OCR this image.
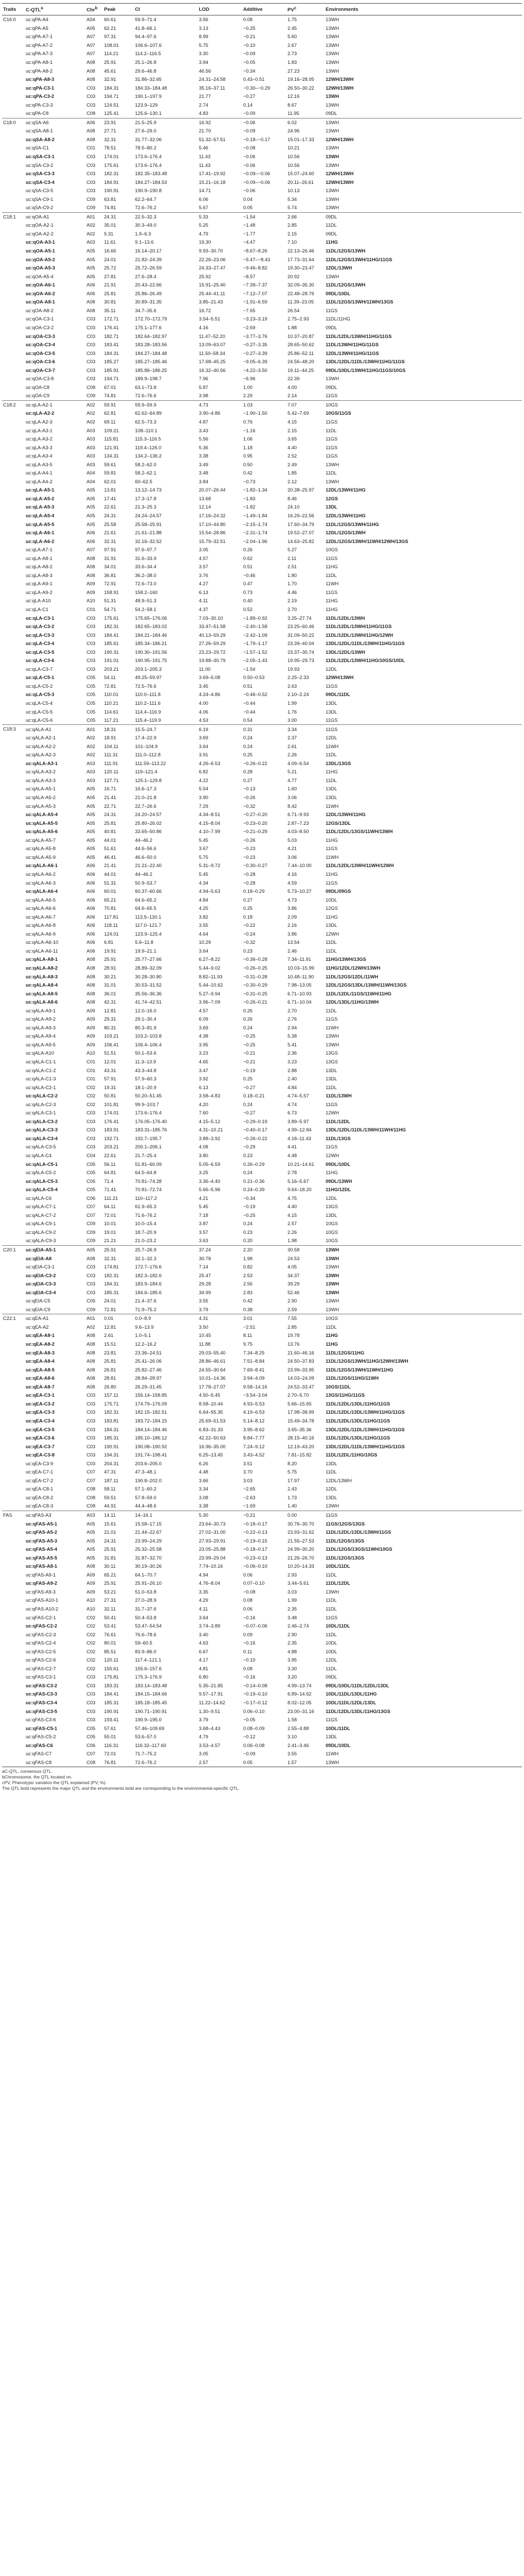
Traits	C-QTL$^a$	Chr$^b$	Peak	CI	LOD	Additive	$PV^c$	Environments
C16:0	uc:qPA-A4	A04	60.61	59.9–71.4	3.56	0.08	1.75	13WH
	uc:qPA-A5	A05	62.21	41.8–66.1	3.13	−0.25	2.45	13WH
	uc:qPA-A7-1	A07	97.31	94.4–97.6	8.99	−0.21	5.60	13WH
	uc:qPA-A7-2	A07	108.01	106.6–107.6	5.75	−0.10	2.67	13WH
	uc:qPA-A7-3	A07	114.21	114.2–116.5	3.30	−0.09	2.73	13WH
	uc:qPA-A8-1	A08	25.91	25.1–26.8	3.94	−0.05	1.83	13WH
	uc:qPA-A8-2	A08	45.61	29.6–46.8	46.56	−0.34	27.23	13WH
	uc:qPA-A8-3	A08	32.91	31.86–32.65	24.31–24.58	0.43–0.51	19.16–28.05	12WH/13WH
	uc:qPA-C3-1	C03	184.31	184.33–184.48	35.16–37.11	−0.30–−0.29	26.50–30.22	12WH/13WH
	uc:qPA-C3-2	C03	194.71	190.1–197.9	21.77	−0.27	12.16	13WH
	uc:qPA-C3-3	C03	124.51	123.9–129	2.74	0.14	8.67	13WH
	uc:qPA-C8	C08	125.41	125.6–130.1	4.83	−0.09	11.95	09DL
C18:0	uc:qSA-A6	A06	23.91	21.5–25.9	16.92	−0.06	6.02	13WH
	uc:qSA-A8-1	A08	27.71	27.6–29.0	21.70	−0.09	24.96	13WH
	uc:qSA-A8-2	A08	32.31	31.77–32.06	51.32–57.51	−0.18–−0.17	15.01–17.33	12WH/13WH
	uc:qSA-C1	C01	78.51	78.5–80.2	5.46	−0.08	10.21	13WH
	uc:qSA-C3-1	C03	174.01	173.6–176.4	11.43	−0.06	10.56	13WH
	uc:qSA-C3-2	C03	175.61	173.6–176.4	11.43	−0.06	10.56	13WH
	uc:qSA-C3-3	C03	182.31	182.35–183.48	17.41–19.92	−0.09–−0.06	15.07–24.60	12WH/13WH
	uc:qSA-C3-4	C03	184.91	184.27–184.53	15.21–16.18	−0.09–−0.06	20.11–26.61	12WH/13WH
	uc:qSA-C3-5	C03	190.91	190.9–190.8	14.71	−0.06	10.13	13WH
	uc:qSA-C9-1	C09	63.81	62.2–64.7	6.06	0.04	5.34	13WH
	uc:qSA-C9-2	C09	74.81	72.6–76.2	5.67	0.05	5.74	13WH
C18:1	uc:qOA-A1	A01	24.31	22.5–32.3	5.33	−1.54	2.66	09DL
	uc:qOA-A2-1	A02	35.01	30.3–49.0	5.25	−1.48	2.85	11DL
	uc:qOA-A2-2	A02	5.31	1.9–6.3	4.79	−1.77	2.15	09DL
	uc:qOA-A3-1	A03	11.61	9.1–13.6	19.30	−4.47	7.10	11HG
	uc:qOA-A5-1	A05	16.66	16.14–20.17	9.93–30.70	−8.67–8.26	22.13–26.46	11DL/12GS/13WH
	uc:qOA-A5-2	A05	24.01	21.82–24.39	22.26–23.06	−5.47–−8.43	17.73–31.64	11DL/12GS/13WH/11HG/11GS
	uc:qOA-A5-3	A05	25.72	25.72–26.59	24.33–27.47	−9.46–8.82	19.30–23.47	12DL/13WH
	uc:qOA-A5-4	A05	27.81	27.6–28.4	25.92	−8.57	20.92	13WH
	uc:qOA-A6-1	A06	21.91	20.43–22.66	15.91–25.40	−7.39–7.37	32.09–35.30	11DL/12GS/13WH
	uc:qOA-A6-2	A06	25.81	25.86–26.49	25.44–41.11	−7.12–7.07	22.48–28.76	09DL/10DL
	uc:qOA-A8-1	A08	30.81	30.89–31.35	3.85–21.43	−1.91–6.59	11.39–23.05	11DL/12GS/13WH/11WH/13GS
	uc:qOA-A8-2	A08	35.11	34.7–35.6	16.72	−7.65	26.54	11GS
	uc:qOA-C3-1	C03	172.71	172.70–172.79	3.54–5.51	−3.23–3.19	2.75–2.93	11DL/11HG
	uc:qOA-C3-2	C03	176.41	175.1–177.6	4.16	−2.69	1.88	09DL
	uc:qOA-C3-3	C03	182.71	182.64–182.97	11.47–52.20	−3.77–3.76	10.37–20.87	11DL/12DL/13WH/11HG/11GS
	uc:qOA-C3-4	C03	183.41	183.28–183.56	13.09–63.07	−0.27–3.35	28.65–50.62	11DL/13WH/11HG/11GS
	uc:qOA-C3-5	C03	184.31	184.27–184.48	11.50–58.34	−0.27–3.39	25.86–52.11	12DL/13WH/11HG/11GS
	uc:qOA-C3-6	C03	185.27	185.27–185.46	17.68–45.25	−9.05–6.39	24.56–48.20	13DL/12DL/11DL/13WH/11HG/11GS
	uc:qOA-C3-7	C03	185.91	185.86–186.25	16.32–40.56	−4.22–3.50	19.11–44.25	09DL/10DL/13WH/11HG/11GS/10GS
	uc:qOA-C3-8	C03	194.71	189.9–198.7	7.96	−6.96	22.39	13WH
	uc:qOA-C8	C08	67.01	63.1–73.8	5.87	1.00	4.00	09DL
	uc:qOA-C9	C09	74.81	72.6–76.6	3.98	2.29	2.14	11GS
C18:2	uc:qLA-A2-1	A02	59.91	59.9–59.9	4.73	1.03	7.07	10GS
	uc:qLA-A2-2	A02	62.81	62.62–64.89	3.90–4.86	−1.90–1.50	5.42–7.69	10GS/11GS
	uc:qLA-A2-3	A02	69.11	62.5–73.3	4.87	0.76	4.15	11GS
	uc:qLA-A3-1	A03	109.21	108–110.1	3.43	−1.16	2.15	11DL
	uc:qLA-A3-2	A03	115.81	115.3–116.5	5.56	1.06	3.65	11GS
	uc:qLA-A3-3	A03	121.91	119.4–126.0	5.36	1.18	4.40	11GS
	uc:qLA-A3-4	A03	134.31	134.2–136.2	3.38	0.95	2.52	11GS
	uc:qLA-A3-5	A03	59.61	58.2–62.0	3.49	0.50	2.49	13WH
	uc:qLA-A4-1	A04	59.81	58.2–62.1	3.48	0.42	1.85	11DL
	uc:qLA-A4-2	A04	62.01	60–62.5	3.84	−0.73	2.12	13WH
	uc:qLA-A5-1	A05	13.81	13.12–14.73	20.07–26.44	−1.82–1.34	20.38–25.97	12DL/13WH/11HG
	uc:qLA-A5-2	A05	17.41	17.3–17.8	13.68	−1.83	8.46	12GS
	uc:qLA-A5-3	A05	22.61	21.3–25.3	12.14	−1.82	24.10	13DL
	uc:qLA-A5-4	A05	24.31	24.24–24.57	17.16–24.32	−1.49–1.84	16.29–22.56	12DL/13WH/11HG
	uc:qLA-A5-5	A05	25.58	25.58–25.91	17.10–44.80	−2.15–1.74	17.60–34.79	11DL/12GS/13WH/11HG
	uc:qLA-A6-1	A06	21.61	21.61–21.88	15.54–28.86	−2.31–1.74	19.52–27.07	12DL/12GS/13WH
	uc:qLA-A6-2	A06	32.31	32.16–32.52	15.79–32.51	−2.04–1.96	14.63–25.82	12DL/12GS/13WH/11WH/12WH/13GS
	uc:qLA-A7-1	A07	97.91	97.6–97.7	3.05	0.26	5.27	10GS
	uc:qLA-A8-1	A08	31.91	31.6–33.9	4.57	0.62	2.11	11GS
	uc:qLA-A8-2	A08	34.01	33.6–34.4	3.57	0.51	2.51	11HG
	uc:qLA-A8-3	A08	36.81	36.2–38.0	3.76	−0.46	1.80	11DL
	uc:qLA-A9-1	A09	72.91	72.6–73.0	4.27	0.47	1.70	11WH
	uc:qLA-A9-2	A09	158.91	158.2–160	6.13	0.73	4.46	11GS
	uc:qLA-A10	A10	51.31	48.9–51.3	4.11	0.40	2.19	11HG
	uc:qLA-C1	C01	54.71	54.2–58.1	4.37	0.52	2.70	11HG
	uc:qLA-C3-1	C03	175.61	175.65–176.06	7.03–30.10	−1.89–0.92	3.25–27.74	11DL/12DL/13WH
	uc:qLA-C3-2	C03	182.31	182.65–183.02	33.47–51.58	−2.40–1.58	23.25–60.46	11DL/12DL/13WH/11HG/11GS
	uc:qLA-C3-3	C03	184.41	184.21–184.46	40.13–59.29	−2.42–1.09	31.09–50.22	11DL/12DL/13WH/11HG/12WH
	uc:qLA-C3-4	C03	185.61	185.34–186.21	27.26–59.29	−1.79–1.17	23.39–40.04	13DL/12DL/11DL/13WH/11HG/11GS
	uc:qLA-C3-5	C03	190.31	190.30–191.56	23.23–29.72	−1.57–1.52	23.37–30.74	13DL/12DL/13WH
	uc:qLA-C3-6	C03	191.01	190.95–191.75	19.88–30.79	−2.05–1.43	19.95–29.73	11DL/12DL/13WH/11HG/10GS/10DL
	uc:qLA-C3-7	C03	203.21	203.1–205.3	11.00	−1.54	19.93	12DL
	uc:qLA-C5-1	C05	54.11	49.25–59.97	3.69–5.08	0.50–0.53	2.25–2.33	12WH/13WH
	uc:qLA-C5-2	C05	72.81	72.5–76.6	3.45	0.51	2.63	11GS
	uc:qLA-C5-3	C05	110.01	110.0–111.8	4.24–4.86	−0.46–0.52	2.10–2.24	09DL/11DL
	uc:qLA-C5-4	C05	110.21	110.2–111.6	4.00	−0.44	1.99	13DL
	uc:qLA-C5-5	C05	114.61	114.4–116.9	4.06	−0.44	1.76	13DL
	uc:qLA-C5-6	C05	117.21	115.4–119.9	4.53	0.54	3.00	11GS
C18:3	uc:qALA-A1	A01	18.31	15.5–24.7	6.19	0.31	3.34	11GS
	uc:qALA-A2-1	A02	18.91	17.4–22.9	3.69	0.24	2.37	12DL
	uc:qALA-A2-2	A02	104.11	101–104.9	3.64	0.24	2.61	11WH
	uc:qALA-A2-3	A02	111.31	111.0–112.8	3.91	0.25	2.26	11DL
	uc:qALA-A3-1	A03	111.91	111.59–113.22	4.26–6.53	−0.26–0.22	4.09–6.54	13DL/13GS
	uc:qALA-A3-2	A03	120.11	119–121.4	6.82	0.28	5.21	11HG
	uc:qALA-A3-3	A03	127.71	125.1–129.8	4.22	0.27	4.77	11DL
	uc:qALA-A5-1	A05	16.71	16.6–17.3	5.54	−0.13	1.60	13DL
	uc:qALA-A5-2	A05	21.41	21.0–21.8	3.90	−0.26	3.06	13DL
	uc:qALA-A5-3	A05	22.71	22.7–26.6	7.29	−0.32	8.42	11WH
	uc:qALA-A5-4	A05	24.31	24.20–24.57	4.34–8.51	−0.27–0.20	6.71–9.93	12DL/13WH/11HG
	uc:qALA-A5-5	A05	25.81	25.80–26.02	4.15–8.04	−0.23–0.20	2.87–7.23	12GS/13DL
	uc:qALA-A5-6	A05	40.81	33.65–50.86	4.10–7.99	−0.21–0.29	4.03–8.50	11DL/12DL/13GS/11WH/13WH
	uc:qALA-A5-7	A05	44.01	44–46.2	5.45	−0.26	5.03	11HG
	uc:qALA-A5-8	A05	51.61	44.6–56.6	3.67	−0.23	4.21	11GS
	uc:qALA-A5-9	A05	46.41	46.6–50.0	5.75	−0.23	3.06	11WH
	uc:qALA-A6-1	A06	21.41	21.21–22.40	5.31–9.72	−0.30–0.27	7.44–10.00	11DL/12DL/13WH/11WH/12WH
	uc:qALA-A6-2	A06	44.01	44–46.2	5.45	−0.28	4.16	11HG
	uc:qALA-A6-3	A06	51.31	50.9–53.7	4.34	−0.28	4.59	11GS
	uc:qALA-A6-4	A06	60.01	60.37–60.66	4.94–5.63	0.18–0.29	5.73–10.27	09DL/09GS
	uc:qALA-A6-5	A06	65.21	64.6–65.2	4.84	0.27	4.73	10DL
	uc:qALA-A6-6	A06	70.81	64.6–65.5	4.25	0.25	3.86	12GS
	uc:qALA-A6-7	A06	117.81	113.5–130.1	3.82	0.18	2.09	11HG
	uc:qALA-A6-8	A06	118.11	117.0–121.7	3.55	−0.22	2.16	13DL
	uc:qALA-A6-9	A06	124.01	123.9–125.4	4.64	−0.24	3.86	12WH
	uc:qALA-A6-10	A06	6.81	5.6–11.8	10.29	−0.32	13.54	11DL
	uc:qALA-A6-11	A06	19.91	19.9–21.1	3.64	0.23	2.46	11DL
	uc:qALA-A8-1	A08	25.91	25.77–27.66	6.27–8.22	−0.36–0.28	7.34–11.91	11HG/13WH/13GS
	uc:qALA-A8-2	A08	28.91	28.89–32.09	5.44–9.02	−0.26–0.25	10.03–15.99	11HG/12DL/12WH/13WH
	uc:qALA-A8-3	A08	30.21	30.28–30.80	8.82–11.93	−0.31–0.28	10.48–11.90	11DL/12GS/12DL/11WH
	uc:qALA-A8-4	A08	31.01	30.53–31.52	5.44–10.62	−0.30–0.29	7.98–13.05	12DL/12GS/13DL/13WH/11WH/13GS
	uc:qALA-A8-5	A08	36.01	35.56–36.36	5.27–9.94	−0.31–0.25	6.71–10.93	11DL/12DL/11GS/11WH/11HG
	uc:qALA-A8-6	A08	42.31	41.74–42.51	3.96–7.09	−0.26–0.21	6.71–10.04	12DL/13DL/11HG/13WH
	uc:qALA-A9-1	A09	12.81	12.0–16.0	4.57	0.26	2.70	11DL
	uc:qALA-A9-2	A09	29.31	29.1–30.4	6.09	0.26	2.76	11GS
	uc:qALA-A9-3	A09	80.31	80.3–81.9	3.69	0.24	2.94	11WH
	uc:qALA-A9-4	A09	103.21	103.2–103.8	4.38	−0.25	5.38	13WH
	uc:qALA-A9-5	A09	106.41	106.4–106.4	3.95	−0.25	5.41	13WH
	uc:qALA-A10	A10	51.51	50.1–53.6	3.23	−0.21	2.36	13GS
	uc:qALA-C1-1	C01	12.01	11.3–13.9	4.65	−0.21	3.23	13GS
	uc:qALA-C1-2	C01	43.31	43.3–44.8	3.47	−0.19	2.88	13DL
	uc:qALA-C1-3	C01	57.91	57.9–60.3	3.92	0.25	2.40	13DL
	uc:qALA-C2-1	C02	19.31	18.1–20.9	6.13	−0.27	4.84	11DL
	uc:qALA-C2-2	C02	50.81	50.20–51.45	3.58–4.83	0.18–0.21	4.74–5.57	11DL/13WH
	uc:qALA-C2-3	C02	101.81	99.9–103.7	4.20	0.24	4.74	11GS
	uc:qALA-C3-1	C03	174.01	173.6–176.4	7.60	−0.27	6.73	12WH
	uc:qALA-C3-2	C03	176.41	176.05–176.40	4.15–5.12	−0.29–0.19	3.89–5.97	11DL/12DL
	uc:qALA-C3-3	C03	183.91	183.31–185.76	4.31–10.21	−0.40–0.17	4.99–12.84	13DL/12DL/11DL/13WH/11WH/11HG
	uc:qALA-C3-4	C03	192.71	192.7–195.7	3.88–3.92	−0.26–0.22	4.18–11.43	11DL/13GS
	uc:qALA-C3-5	C03	203.21	200.1–206.1	4.08	−0.29	4.41	11GS
	uc:qALA-C4	C04	22.61	21.7–25.4	3.80	0.23	4.48	12WH
	uc:qALA-C5-1	C05	56.11	51.81–60.09	5.05–6.59	0.26–0.29	10.21–14.61	09DL/10DL
	uc:qALA-C5-2	C05	64.81	64.5–64.8	3.25	0.24	2.78	11HG
	uc:qALA-C5-3	C05	71.4	70.81–74.28	3.36–4.40	0.21–0.36	5.16–5.67	09DL/13WH
	uc:qALA-C5-4	C05	71.41	70.81–72.74	5.66–5.96	0.24–0.39	9.64–18.20	11HG/12DL
	uc:qALA-C6	C06	111.21	110–117.2	4.21	−0.34	4.75	12DL
	uc:qALA-C7-1	C07	64.11	61.9–65.3	5.45	−0.19	4.40	13GS
	uc:qALA-C7-2	C07	72.01	71.6–76.2	7.18	−0.25	4.15	13DL
	uc:qALA-C9-1	C09	10.01	10.0–15.4	3.87	0.24	2.57	10GS
	uc:qALA-C9-2	C09	19.01	18.7–20.9	3.57	0.23	2.26	10GS
	uc:qALA-C9-3	C09	21.21	21.0–23.2	3.63	0.20	1.98	10GS
C20:1	uc:qEIA-A5-1	A05	25.91	25.7–26.9	37.24	2.20	30.58	13WH
	uc:qEIA-A8	A08	32.31	32.1–32.3	30.78	1.98	24.53	13WH
	uc:qEIA-C3-1	C03	174.81	172.7–176.6	7.14	0.82	4.05	13WH
	uc:qEIA-C3-2	C03	182.31	182.3–182.6	25.47	2.53	34.37	13WH
	uc:qEIA-C3-3	C03	184.31	183.9–184.6	29.28	2.56	39.29	13WH
	uc:qEIA-C3-4	C03	185.31	184.6–185.6	34.99	2.83	52.46	13WH
	uc:qEIA-C5	C05	24.01	21.4–37.6	3.55	0.42	2.90	13WH
	uc:qEIA-C9	C09	72.81	71.9–75.2	3.79	0.38	2.59	13WH
C22:1	uc:qEA-A1	A01	0.01	0.0–8.9	4.31	3.01	7.55	10GS
	uc:qEA-A2	A02	12.81	9.6–13.9	3.50	−2.51	2.85	11DL
	uc:qEA-A8-1	A08	2.61	1.0–5.1	10.45	8.11	19.78	11HG
	uc:qEA-A8-2	A08	15.51	12.2–16.2	11.88	9.75	13.76	11HG
	uc:qEA-A8-3	A08	23.81	23.36–24.51	29.03–55.40	7.34–8.25	21.60–46.16	11DL/12GS/11HG
	uc:qEA-A8-4	A08	25.81	25.41–26.06	28.86–46.61	7.51–8.84	24.50–37.83	11DL/12GS/13WH/11HG/12WH/13WH
	uc:qEA-A8-5	A08	26.81	25.82–27.46	24.55–30.64	7.69–8.41	23.99–33.95	11DL/12GS/13WH/11WH/11HG
	uc:qEA-A8-6	A08	28.81	28.84–28.97	10.01–14.36	3.94–4.09	14.03–24.09	11DL/12GS/11HG/11WH
	uc:qEA-A8-7	A08	26.80	26.29–31.45	17.78–27.07	9.58–14.16	24.52–33.47	10GS/11DL
	uc:qEA-C3-1	C03	157.11	156.14–158.85	4.50–5.45	−3.54–3.04	2.70–5.70	13GS/11HG/11GS
	uc:qEA-C3-2	C03	175.71	174.79–176.09	8.58–10.44	4.93–5.53	5.66–15.65	11DL/12DL/13DL/11HG/11GS
	uc:qEA-C3-3	C03	182.31	182.15–182.51	6.64–55.35	4.19–6.53	17.98–38.99	11DL/12DL/13DL/13WH/11HG/11GS
	uc:qEA-C3-4	C03	183.81	183.72–184.15	25.69–51.53	5.14–8.12	15.49–34.78	11DL/12DL/13DL/11HG/11GS
	uc:qEA-C3-5	C03	184.31	184.14–184.46	6.83–31.33	3.95–8.62	3.65–35.36	13DL/12DL/11DL/13WH/11HG/11GS
	uc:qEA-C3-6	C03	185.31	185.10–186.12	42.22–50.63	8.84–7.77	28.15–40.16	11DL/12DL/13DL/11HG/11GS
	uc:qEA-C3-7	C03	190.91	190.08–190.92	16.96–35.00	7.24–9.12	12.19–43.20	13DL/12DL/11DL/13WH/11HG/11GS
	uc:qEA-C3-8	C03	194.31	191.74–198.41	6.25–13.45	3.43–4.52	7.81–15.82	11DL/12DL/11HG/10GS
	uc:qEA-C3-9	C03	204.31	203.6–205.0	6.26	3.51	8.20	13DL
	uc:qEA-C7-1	C07	47.31	47.3–48.1	4.48	3.70	5.75	11DL
	uc:qEA-C7-2	C07	187.11	190.8–202.0	3.66	3.03	17.97	12DL/13WH
	uc:qEA-C8-1	C08	58.11	57.1–60.2	3.34	−2.65	2.43	12DL
	uc:qEA-C8-2	C08	59.51	57.8–59.0	3.08	−2.63	1.73	13DL
	uc:qEA-C8-3	C08	44.91	44.4–48.6	3.38	−1.69	1.40	13WH
FAS	uc:qFAS-A3	A03	14.11	14–16.1	5.30	−0.21	0.00	11GS
	uc:qFAS-A5-1	A05	15.61	15.58–17.15	23.64–30.73	−0.18–0.17	30.76–30.70	11GS/12GS/13GS
	uc:qFAS-A5-2	A05	21.01	21.44–22.67	27.02–31.00	−0.22–0.13	23.93–31.62	11DL/12DL/13DL/13WH/11GS
	uc:qFAS-A5-3	A05	24.31	23.99–24.29	27.93–29.91	−0.19–0.15	21.55–27.53	11DL/12GS/13GS
	uc:qFAS-A5-4	A05	25.91	25.32–25.58	23.05–25.88	−0.18–0.17	24.99–30.20	11DL/12GS/13GS/11WH/10GS
	uc:qFAS-A5-5	A05	31.81	31.87–32.70	23.99–29.04	−0.23–0.13	21.26–26.70	11DL/12GS/13GS
	uc:qFAS-A8-1	A08	30.11	30.19–30.26	7.74–10.16	−0.06–0.10	10.20–14.33	10DL/11DL
	uc:qFAS-A9-1	A09	65.21	64.1–70.7	4.94	0.06	2.93	11DL
	uc:qFAS-A9-2	A09	25.91	25.91–26.10	4.76–8.04	0.07–0.10	3.44–5.61	11DL/12DL
	uc:qFAS-A9-3	A09	53.21	51.0–53.8	3.35	−0.08	3.03	13WH
	uc:qFAS-A10-1	A10	27.31	27.0–28.9	4.29	0.08	1.99	11DL
	uc:qFAS-A10-2	A10	32.11	31.7–37.6	4.11	0.06	2.35	11DL
	uc:qFAS-C2-1	C02	50.41	50.4–53.8	3.64	−0.16	3.48	11GS
	uc:qFAS-C2-2	C02	53.41	53.47–54.54	3.74–3.89	−0.07–0.06	2.46–2.74	10DL/11DL
	uc:qFAS-C2-3	C02	76.61	76.6–78.6	3.40	0.09	2.90	11DL
	uc:qFAS-C2-4	C02	80.01	59–60.5	4.63	−0.16	2.35	10DL
	uc:qFAS-C2-5	C02	85.51	83.9–86.0	6.67	0.11	4.88	10DL
	uc:qFAS-C2-6	C02	120.11	117.4–121.1	4.17	−0.10	3.95	12DL
	uc:qFAS-C2-7	C02	155.61	155.6–157.6	4.81	0.08	3.30	11DL
	uc:qFAS-C3-1	C03	175.81	175.3–176.9	6.80	−0.16	3.20	09DL
	uc:qFAS-C3-2	C03	183.31	183.14–183.48	5.35–21.85	−0.14–0.08	4.99–13.74	09DL/10DL/11DL/12DL/13DL
	uc:qFAS-C3-3	C03	184.41	184.15–184.66	9.57–17.91	−0.19–0.10	6.89–14.62	10DL/11DL/13DL/11HG
	uc:qFAS-C3-4	C03	185.31	185.18–185.45	11.22–14.62	−0.17–0.12	8.02–12.05	10DL/11DL/12DL/13DL
	uc:qFAS-C3-5	C03	190.91	190.71–190.91	1.30–9.51	0.06–0.10	23.00–31.16	11DL/12DL/13DL/11HG/13GS
	uc:qFAS-C3-6	C03	193.41	190.9–195.0	3.79	−0.05	1.58	11GS
	uc:qFAS-C5-1	C05	57.61	57.46–109.69	3.68–4.43	0.08–0.09	2.55–4.88	10DL/11DL
	uc:qFAS-C5-2	C05	55.01	53.6–57.0	4.79	−0.12	3.10	13DL
	uc:qFAS-C6	C06	116.31	116.32–117.60	3.53–4.57	0.06–0.08	2.41–3.46	09DL/10DL
	uc:qFAS-C7	C07	72.01	71.7–75.2	3.05	−0.09	3.55	11WH
	uc:qFAS-C8	C08	76.81	72.6–76.2	2.57	0.05	1.57	13WH
aC-QTL, consensus QTL.
bChromosome, the QTL located on.
cPV, Phenotypic variation the QTL explained (PV, %).
The QTL bold represents the major QTL and the environments bold are corresponding to the environmental-specific QTL.
